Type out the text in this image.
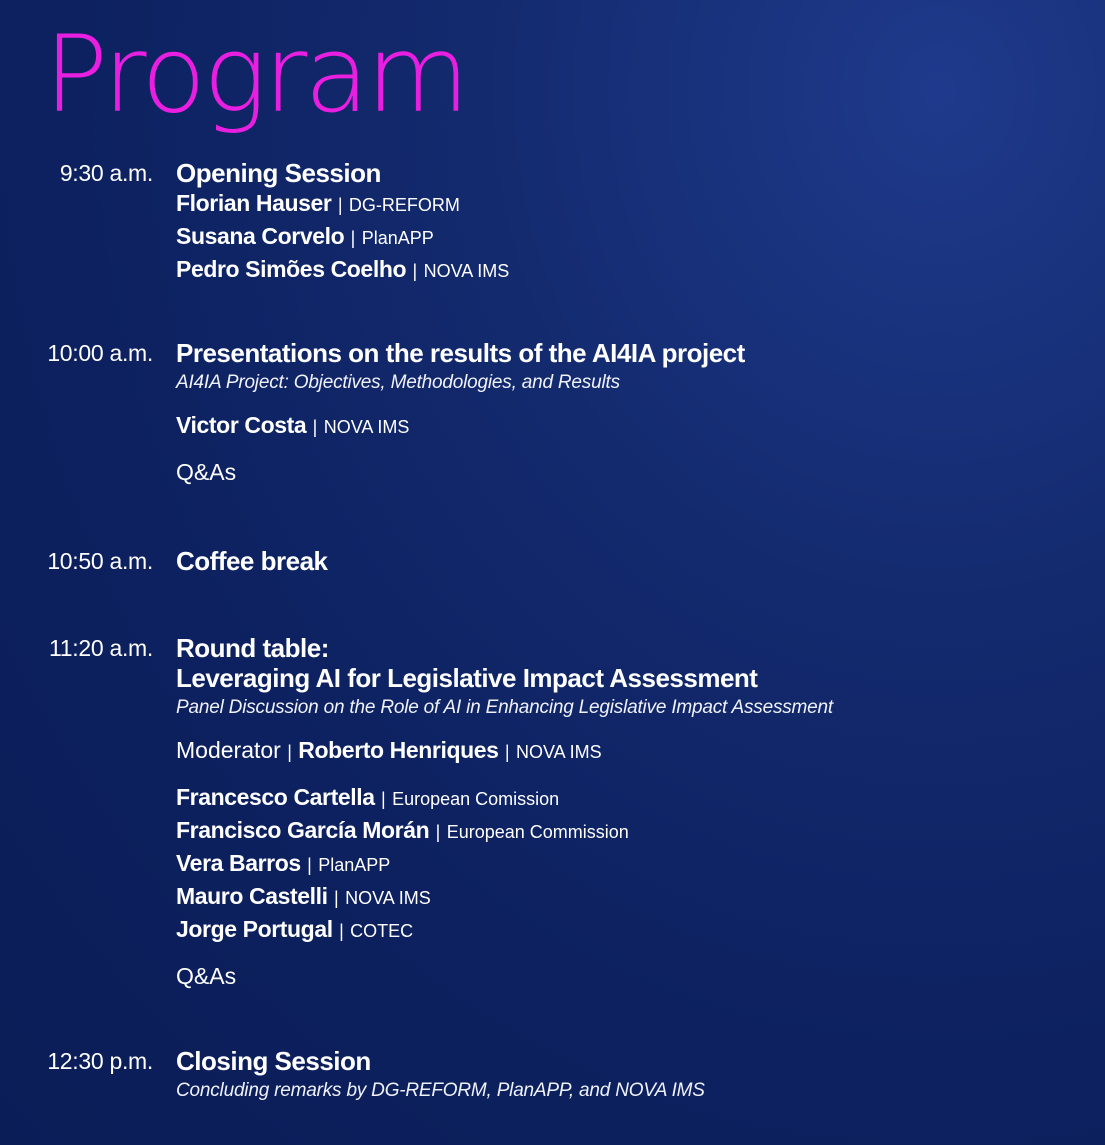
Program
9:30 a.m. Opening Session
Florian Hauser | DG-REFORM
Susana Corvelo | PlanAPP
Pedro Simões Coelho | NOVA IMS
10:00 a.m. Presentations on the results of the AI4IA project
AI4IA Project: Objectives, Methodologies, and Results
Victor Costa | NOVA IMS
Q&As
10:50 a.m. Coffee break
11:20 a.m. Round table:
Leveraging AI for Legislative Impact Assessment
Panel Discussion on the Role of AI in Enhancing Legislative Impact Assessment
Moderator | Roberto Henriques | NOVA IMS
Francesco Cartella | European Comission
Francisco García Morán | European Commission
Vera Barros | PlanAPP
Mauro Castelli | NOVA IMS
Jorge Portugal | COTEC
Q&As
12:30 p.m. Closing Session
Concluding remarks by DG-REFORM, PlanAPP, and NOVA IMS
